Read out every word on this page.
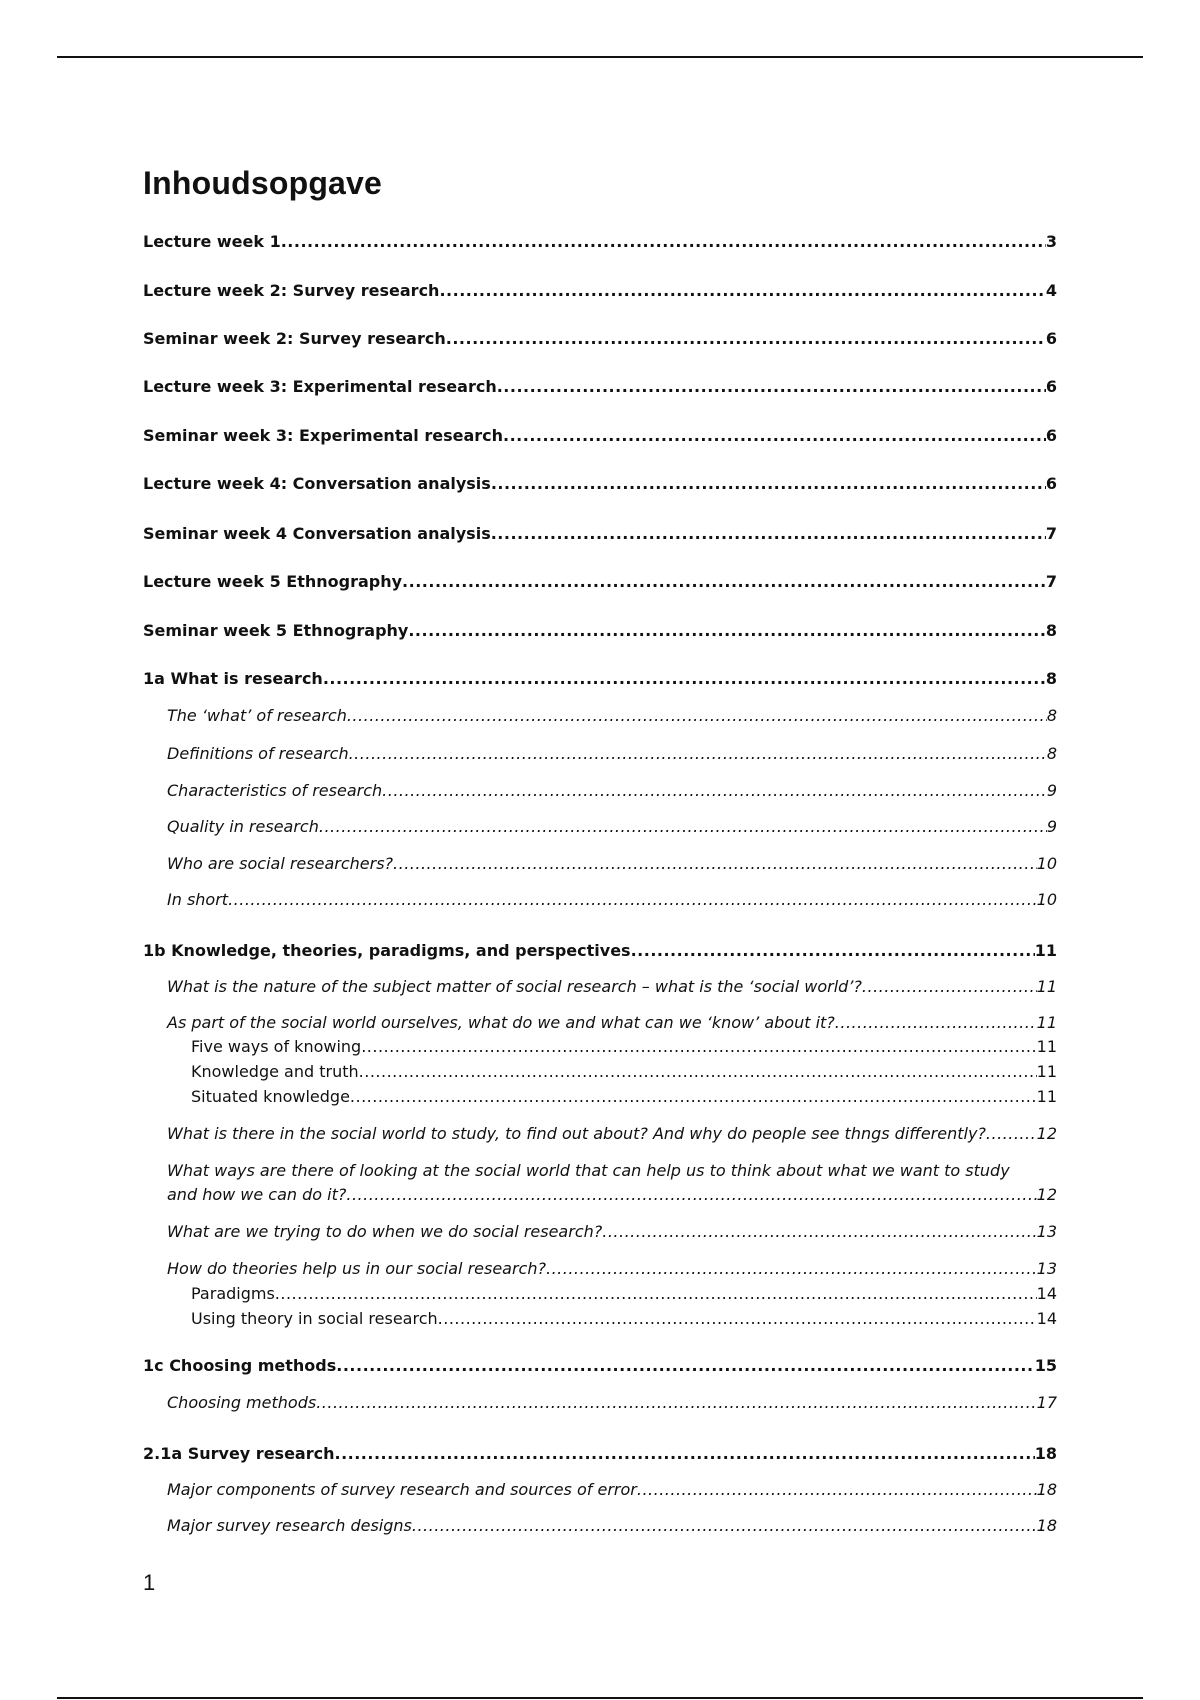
Inhoudsopgave
Lecture week 1 .....	3
Lecture week 2: Survey research .....	4
Seminar week 2: Survey research .....	6
Lecture week 3: Experimental research .....	6
Seminar week 3: Experimental research .....	6
Lecture week 4: Conversation analysis .....	6
Seminar week 4 Conversation analysis .....	7
Lecture week 5 Ethnography .....	7
Seminar week 5 Ethnography .....	8
1a What is research .....	8
The ‘what’ of research .....	8
Definitions of research .....	8
Characteristics of research .....	9
Quality in research .....	9
Who are social researchers? .....	10
In short .....	10
1b Knowledge, theories, paradigms, and perspectives .....	11
What is the nature of the subject matter of social research – what is the ‘social world’? .....	11
As part of the social world ourselves, what do we and what can we ‘know’ about it? .....	11
Five ways of knowing .....	11
Knowledge and truth .....	11
Situated knowledge .....	11
What is there in the social world to study, to find out about? And why do people see thngs differently? .....	12
What ways are there of looking at the social world that can help us to think about what we want to study
and how we can do it? .....	12
What are we trying to do when we do social research? .....	13
How do theories help us in our social research? .....	13
Paradigms .....	14
Using theory in social research .....	14
1c Choosing methods .....	15
Choosing methods .....	17
2.1a Survey research .....	18
Major components of survey research and sources of error .....	18
Major survey research designs .....	18
1
